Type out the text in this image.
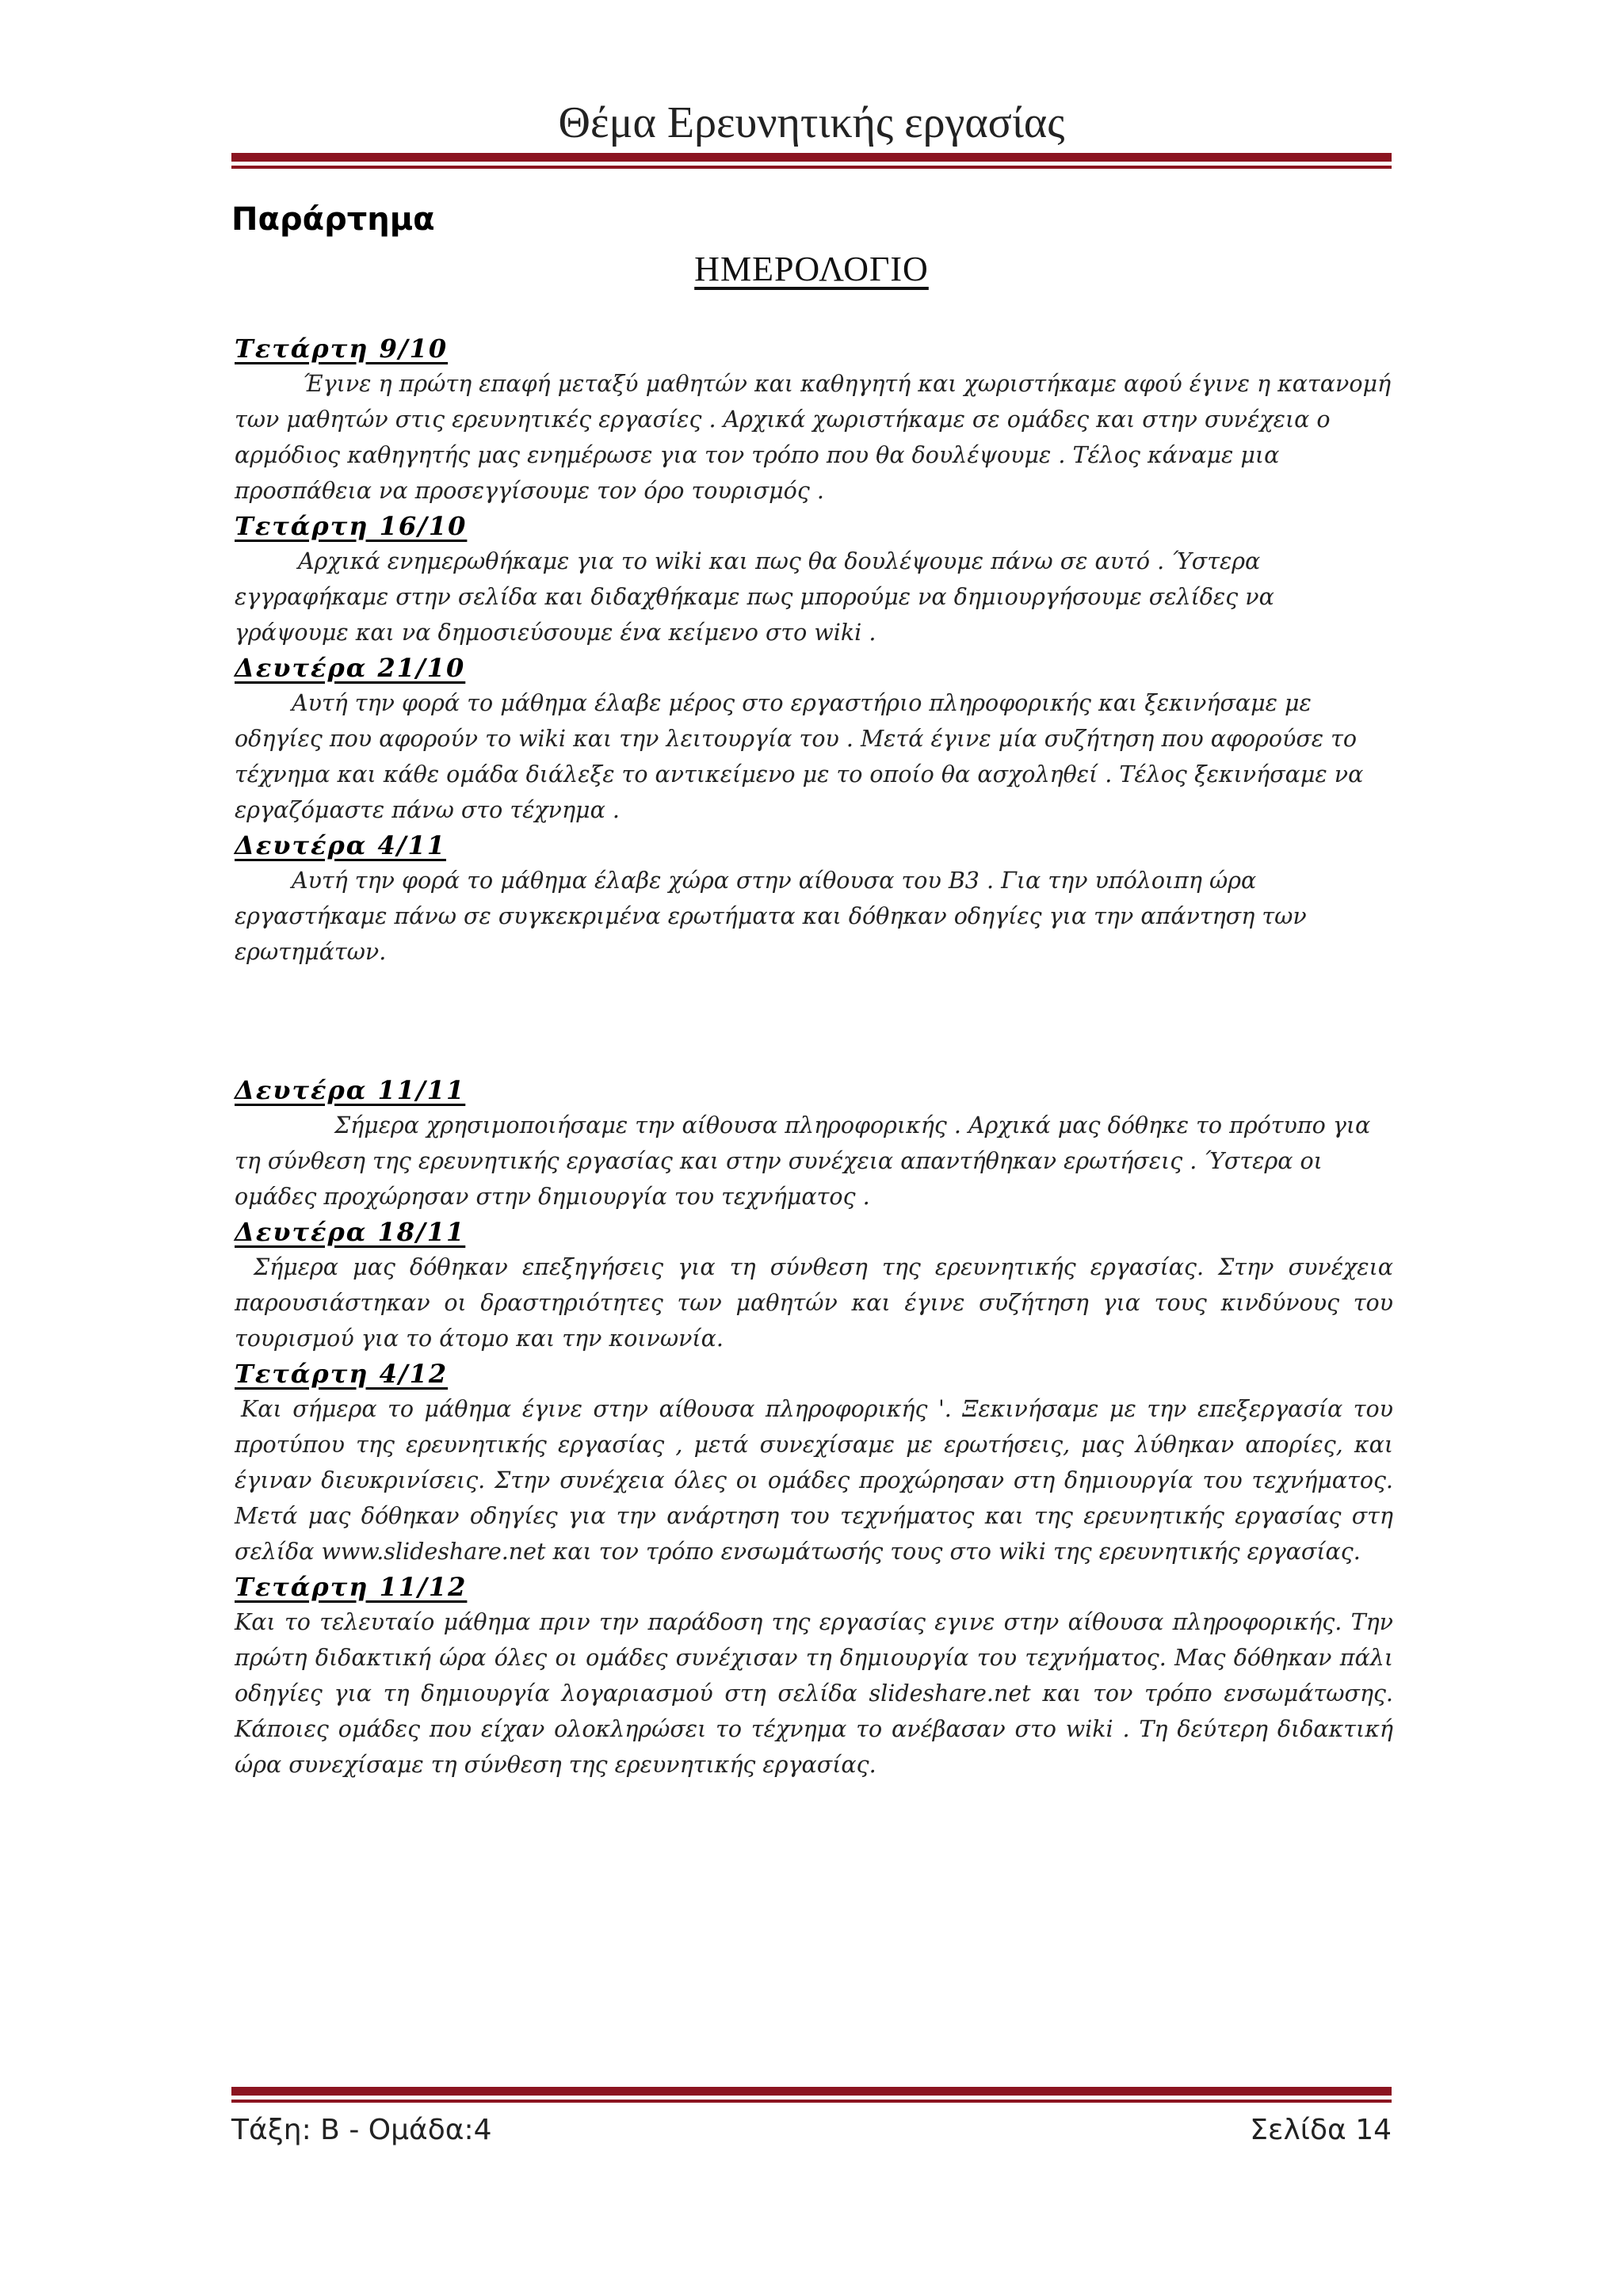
Θέμα Ερευνητικής εργασίας
Παράρτημα
ΗΜΕΡΟΛΟΓΙΟ
Τετάρτη 9/10

Έγινε η πρώτη επαφή μεταξύ μαθητών και καθηγητή και χωριστήκαμε αφού έγινε η κατανομή των μαθητών στις ερευνητικές εργασίες . Αρχικά χωριστήκαμε σε ομάδες και στην συνέχεια ο αρμόδιος καθηγητής μας ενημέρωσε για τον τρόπο που θα δουλέψουμε . Τέλος κάναμε μια προσπάθεια να προσεγγίσουμε τον όρο τουρισμός .

Τετάρτη 16/10

Αρχικά ενημερωθήκαμε για το wiki και πως θα δουλέψουμε πάνω σε αυτό . Ύστερα εγγραφήκαμε στην σελίδα και διδαχθήκαμε πως μπορούμε να δημιουργήσουμε σελίδες να γράψουμε και να δημοσιεύσουμε ένα κείμενο στο wiki .

Δευτέρα 21/10

Αυτή την φορά το μάθημα έλαβε μέρος στο εργαστήριο πληροφορικής και ξεκινήσαμε με οδηγίες που αφορούν το wiki και την λειτουργία του . Μετά έγινε μία συζήτηση που αφορούσε το τέχνημα και κάθε ομάδα διάλεξε το αντικείμενο με το οποίο θα ασχοληθεί . Τέλος ξεκινήσαμε να εργαζόμαστε πάνω στο τέχνημα .

Δευτέρα 4/11

Αυτή την φορά το μάθημα έλαβε χώρα στην αίθουσα του Β3 . Για την υπόλοιπη ώρα εργαστήκαμε πάνω σε συγκεκριμένα ερωτήματα και δόθηκαν οδηγίες για την απάντηση των ερωτημάτων.

Δευτέρα 11/11

Σήμερα χρησιμοποιήσαμε την αίθουσα πληροφορικής . Αρχικά μας δόθηκε το πρότυπο για τη σύνθεση της ερευνητικής εργασίας και στην συνέχεια απαντήθηκαν ερωτήσεις . Ύστερα οι ομάδες προχώρησαν στην δημιουργία του τεχνήματος .

Δευτέρα 18/11

Σήμερα μας δόθηκαν επεξηγήσεις για τη σύνθεση της ερευνητικής εργασίας. Στην συνέχεια παρουσιάστηκαν οι δραστηριότητες των μαθητών και έγινε συζήτηση για τους κινδύνους του τουρισμού για το άτομο και την κοινωνία.

Τετάρτη 4/12

Και σήμερα το μάθημα έγινε στην αίθουσα πληροφορικής '. Ξεκινήσαμε με την επεξεργασία του προτύπου της ερευνητικής εργασίας , μετά συνεχίσαμε με ερωτήσεις, μας λύθηκαν απορίες, και έγιναν διευκρινίσεις. Στην συνέχεια όλες οι ομάδες προχώρησαν στη δημιουργία του τεχνήματος. Μετά μας δόθηκαν οδηγίες για την ανάρτηση του τεχνήματος και της ερευνητικής εργασίας στη σελίδα www.slideshare.net και τον τρόπο ενσωμάτωσής τους στο wiki της ερευνητικής εργασίας.

Τετάρτη 11/12

Και το τελευταίο μάθημα πριν την παράδοση της εργασίας εγινε στην αίθουσα πληροφορικής. Την πρώτη διδακτική ώρα όλες οι ομάδες συνέχισαν τη δημιουργία του τεχνήματος. Μας δόθηκαν πάλι οδηγίες για τη δημιουργία λογαριασμού στη σελίδα slideshare.net και τον τρόπο ενσωμάτωσης. Κάποιες ομάδες που είχαν ολοκληρώσει το τέχνημα το ανέβασαν στο wiki . Τη δεύτερη διδακτική ώρα συνεχίσαμε τη σύνθεση της ερευνητικής εργασίας.

Τάξη: Β - Ομάδα:4	Σελίδα 14
